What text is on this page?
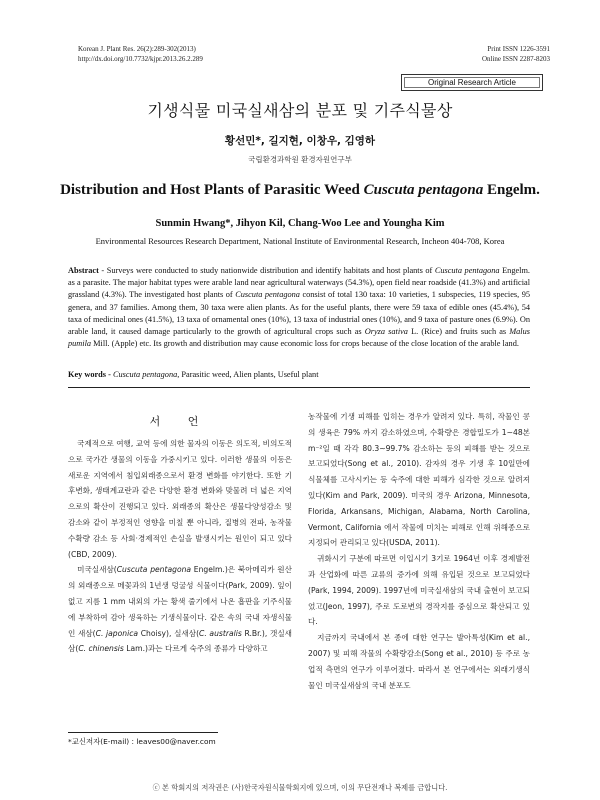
Korean J. Plant Res. 26(2):289-302(2013)
http://dx.doi.org/10.7732/kjpr.2013.26.2.289
Print ISSN 1226-3591
Online ISSN 2287-8203
Original Research Article
기생식물 미국실새삼의 분포 및 기주식물상
황선민*, 길지현, 이창우, 김영하
국립환경과학원 환경자원연구부
Distribution and Host Plants of Parasitic Weed Cuscuta pentagona Engelm.
Sunmin Hwang*, Jihyon Kil, Chang-Woo Lee and Youngha Kim
Environmental Resources Research Department, National Institute of Environmental Research, Incheon 404-708, Korea
Abstract - Surveys were conducted to study nationwide distribution and identify habitats and host plants of Cuscuta pentagona Engelm. as a parasite. The major habitat types were arable land near agricultural waterways (54.3%), open field near roadside (41.3%) and artificial grassland (4.3%). The investigated host plants of Cuscuta pentagona consist of total 130 taxa: 10 varieties, 1 subspecies, 119 species, 95 genera, and 37 families. Among them, 30 taxa were alien plants. As for the useful plants, there were 59 taxa of edible ones (45.4%), 54 taxa of medicinal ones (41.5%), 13 taxa of ornamental ones (10%), 13 taxa of industrial ones (10%), and 9 taxa of pasture ones (6.9%). On arable land, it caused damage particularly to the growth of agricultural crops such as Oryza sativa L. (Rice) and fruits such as Malus pumila Mill. (Apple) etc. Its growth and distribution may cause economic loss for crops because of the close location of the arable land.
Key words - Cuscuta pentagona, Parasitic weed, Alien plants, Useful plant
서 언

국제적으로 여행, 교역 등에 의한 물자의 이동은 의도적, 비의도적으로 국가간 생물의 이동을 가중시키고 있다. 이러한 생물의 이동은 새로운 지역에서 침입외래종으로서 환경 변화를 야기한다. 또한 기후변화, 생태계교란과 같은 다양한 환경 변화와 맞물려 더 넓은 지역으로의 확산이 진행되고 있다. 외래종의 확산은 생물다양성감소 및 감소와 같이 부정적인 영향을 미칠 뿐 아니라, 질병의 전파, 농작물 수확량 감소 등 사회·경제적인 손실을 발생시키는 원인이 되고 있다(CBD, 2009).

미국실새삼(Cuscuta pentagona Engelm.)은 북아메리카 원산의 외래종으로 메꽃과의 1년생 덩굴성 식물이다(Park, 2009). 잎이 없고 지름 1 mm 내외의 가는 황색 줄기에서 나온 흡판을 기주식물에 부착하여 감아 생육하는 기생식물이다. 같은 속의 국내 자생식물인 새삼(C. japonica Choisy), 실새삼(C. australis R.Br.), 갯실새삼(C. chinensis Lam.)과는 다르게 숙주의 종류가 다양하고

농작물에 기생 피해를 입히는 경우가 알려져 있다. 특히, 작물인 콩의 생육은 79% 까지 감소하였으며, 수확량은 경합밀도가 1~48본 m⁻²일 때 각각 80.3~99.7% 감소하는 등의 피해를 받는 것으로 보고되었다(Song et al., 2010). 감자의 경우 기생 후 10일만에 식물체를 고사시키는 등 숙주에 대한 피해가 심각한 것으로 알려져 있다(Kim and Park, 2009). 미국의 경우 Arizona, Minnesota, Florida, Arkansans, Michigan, Alabama, North Carolina, Vermont, California 에서 작물에 미치는 피해로 인해 위해종으로 지정되어 관리되고 있다(USDA, 2011).

귀화시기 구분에 따르면 이입시기 3기로 1964년 이후 경제발전과 산업화에 따른 교류의 증가에 의해 유입된 것으로 보고되었다(Park, 1994, 2009). 1997년에 미국실새삼의 국내 출현이 보고되었고(Jeon, 1997), 주로 도로변의 경작지를 중심으로 확산되고 있다.

지금까지 국내에서 본 종에 대한 연구는 발아특성(Kim et al., 2007) 및 피해 작물의 수확량감소(Song et al., 2010) 등 주로 농업적 측면의 연구가 이루어졌다. 따라서 본 연구에서는 외래기생식물인 미국실새삼의 국내 분포도

*교신저자(E-mail) : leaves00@naver.com
ⓒ 본 학회지의 저작권은 (사)한국자원식물학회지에 있으며, 이의 무단전재나 복제를 금합니다.
